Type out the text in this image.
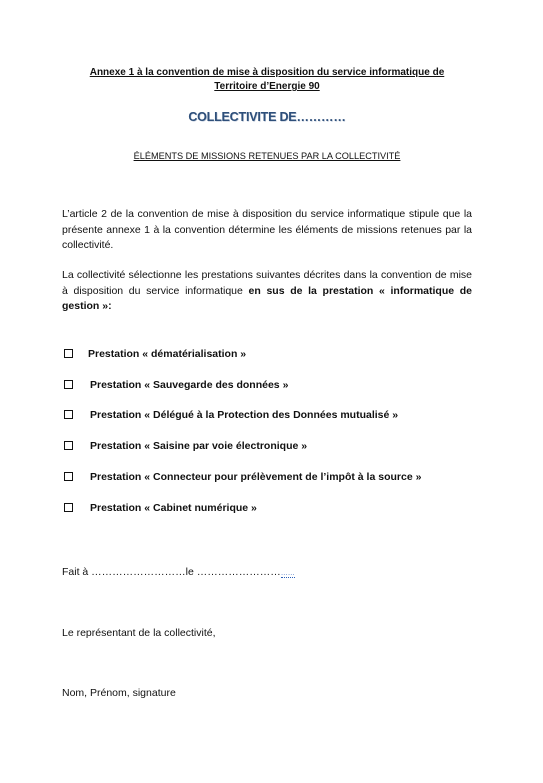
Annexe 1 à la convention de mise à disposition du service informatique de
Territoire d’Energie 90
COLLECTIVITE DE…………
ÉLÉMENTS DE MISSIONS RETENUES PAR LA COLLECTIVITÉ
L’article 2 de la convention de mise à disposition du service informatique stipule que la présente annexe 1 à la convention détermine les éléments de missions retenues par la collectivité.
La collectivité sélectionne les prestations suivantes décrites dans la convention de mise à disposition du service informatique en sus de la prestation « informatique de gestion »:
Prestation « dématérialisation »
Prestation « Sauvegarde des données »
Prestation « Délégué à la Protection des Données mutualisé »
Prestation « Saisine par voie électronique »
Prestation « Connecteur pour prélèvement de l’impôt à la source »
Prestation « Cabinet numérique »
Fait à ………………………le …………………………
Le représentant de la collectivité,
Nom, Prénom, signature
